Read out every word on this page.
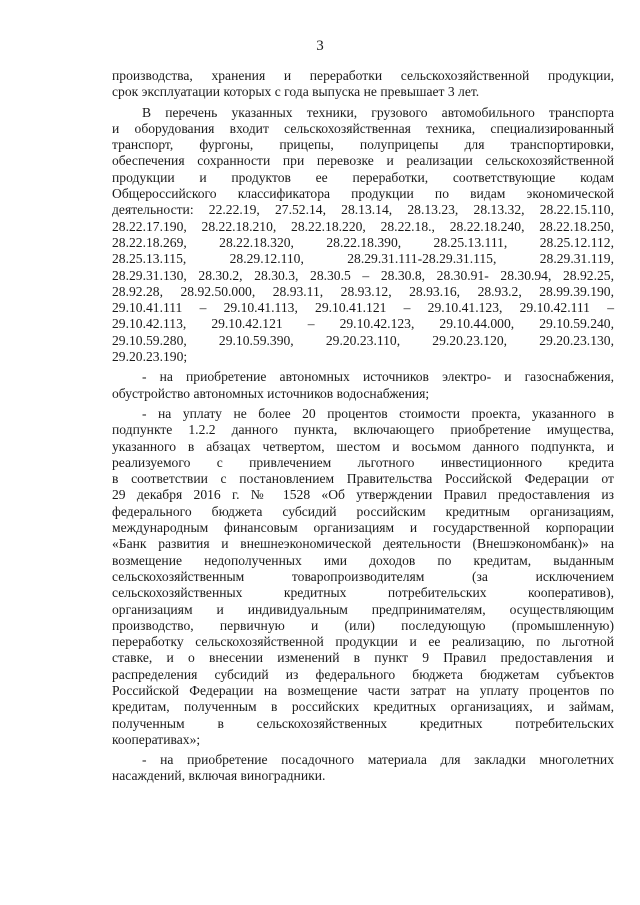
3
производства, хранения и переработки сельскохозяйственной продукции,
срок эксплуатации которых с года выпуска не превышает 3 лет.
В перечень указанных техники, грузового автомобильного транспорта
и оборудования входит сельскохозяйственная техника, специализированный
транспорт, фургоны, прицепы, полуприцепы для транспортировки,
обеспечения сохранности при перевозке и реализации сельскохозяйственной
продукции и продуктов ее переработки, соответствующие кодам
Общероссийского классификатора продукции по видам экономической
деятельности: 22.22.19, 27.52.14, 28.13.14, 28.13.23, 28.13.32, 28.22.15.110,
28.22.17.190, 28.22.18.210, 28.22.18.220, 28.22.18., 28.22.18.240, 28.22.18.250,
28.22.18.269, 28.22.18.320, 28.22.18.390, 28.25.13.111, 28.25.12.112,
28.25.13.115, 28.29.12.110, 28.29.31.111-28.29.31.115, 28.29.31.119,
28.29.31.130, 28.30.2, 28.30.3, 28.30.5 – 28.30.8, 28.30.91- 28.30.94, 28.92.25,
28.92.28, 28.92.50.000, 28.93.11, 28.93.12, 28.93.16, 28.93.2, 28.99.39.190,
29.10.41.111 – 29.10.41.113, 29.10.41.121 – 29.10.41.123, 29.10.42.111 –
29.10.42.113, 29.10.42.121 – 29.10.42.123, 29.10.44.000, 29.10.59.240,
29.10.59.280, 29.10.59.390, 29.20.23.110, 29.20.23.120, 29.20.23.130,
29.20.23.190;
- на приобретение автономных источников электро- и газоснабжения,
обустройство автономных источников водоснабжения;
- на уплату не более 20 процентов стоимости проекта, указанного в
подпункте 1.2.2 данного пункта, включающего приобретение имущества,
указанного в абзацах четвертом, шестом и восьмом данного подпункта, и
реализуемого с привлечением льготного инвестиционного кредита
в соответствии с постановлением Правительства Российской Федерации от
29 декабря 2016 г. № 1528 «Об утверждении Правил предоставления из
федерального бюджета субсидий российским кредитным организациям,
международным финансовым организациям и государственной корпорации
«Банк развития и внешнеэкономической деятельности (Внешэкономбанк)» на
возмещение недополученных ими доходов по кредитам, выданным
сельскохозяйственным товаропроизводителям (за исключением
сельскохозяйственных кредитных потребительских кооперативов),
организациям и индивидуальным предпринимателям, осуществляющим
производство, первичную и (или) последующую (промышленную)
переработку сельскохозяйственной продукции и ее реализацию, по льготной
ставке, и о внесении изменений в пункт 9 Правил предоставления и
распределения субсидий из федерального бюджета бюджетам субъектов
Российской Федерации на возмещение части затрат на уплату процентов по
кредитам, полученным в российских кредитных организациях, и займам,
полученным в сельскохозяйственных кредитных потребительских
кооперативах»;
- на приобретение посадочного материала для закладки многолетних
насаждений, включая виноградники.
